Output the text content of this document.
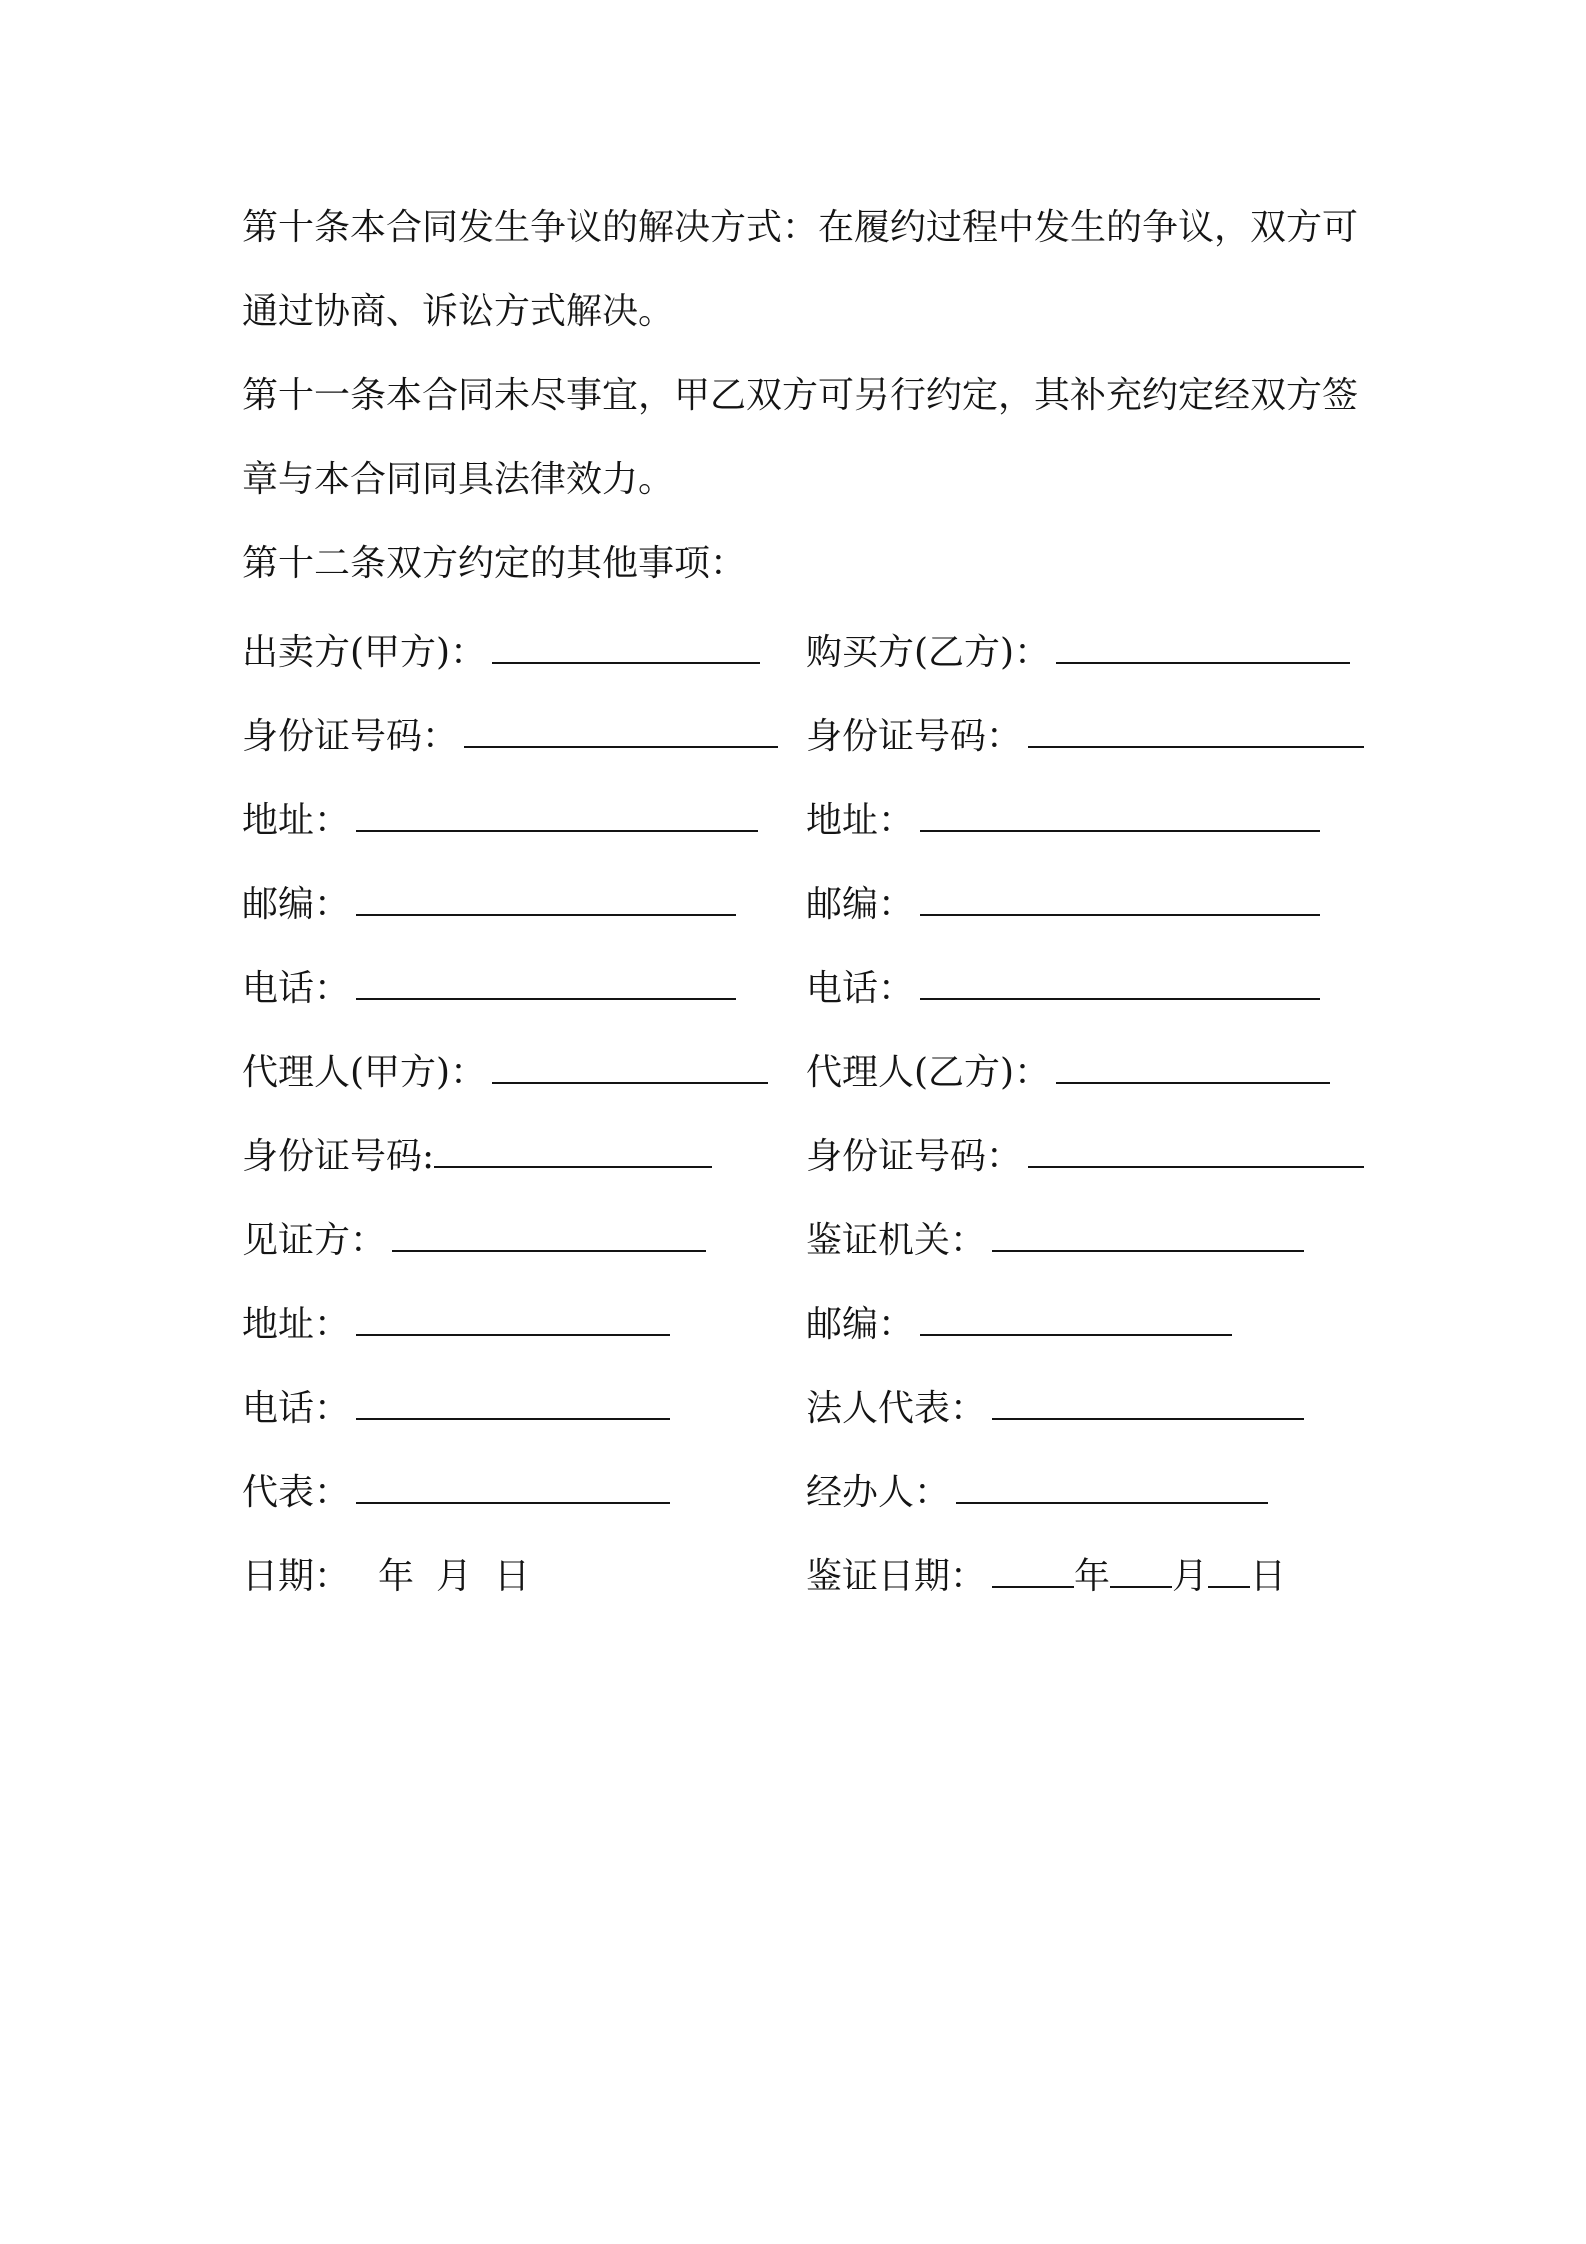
第十条本合同发生争议的解决方式：在履约过程中发生的争议，双方可通过协商、诉讼方式解决。
第十一条本合同未尽事宜，甲乙双方可另行约定，其补充约定经双方签章与本合同同具法律效力。
第十二条双方约定的其他事项：
出卖方(甲方)：	购买方(乙方)：
身份证号码：	身份证号码：
地址：	地址：
邮编：	邮编：
电话：	电话：
代理人(甲方)：	代理人(乙方)：
身份证号码:	身份证号码：
见证方：	鉴证机关：
地址：	邮编：
电话：	法人代表：
代表：	经办人：
日期： 年 月 日	鉴证日期： 年 月 日
